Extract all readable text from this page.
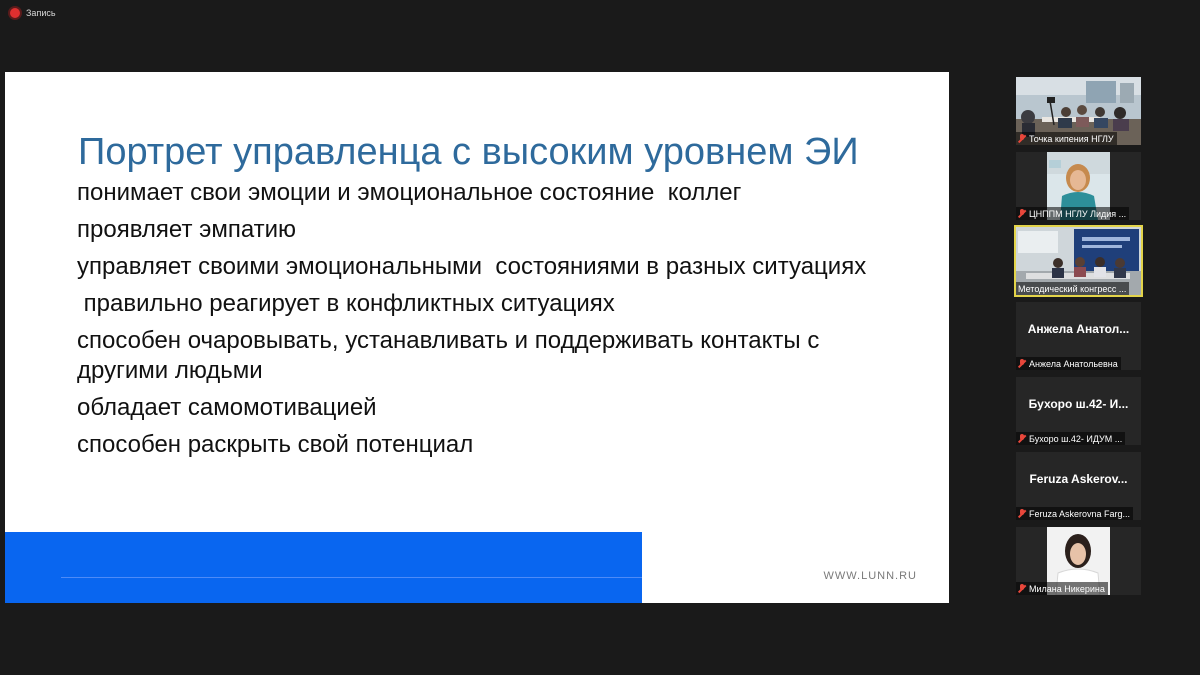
Запись
Портрет управленца с высоким уровнем ЭИ

понимает свои эмоции и эмоциональное состояние  коллег

проявляет эмпатию

управляет своими эмоциональными  состояниями в разных ситуациях

правильно реагирует в конфликтных ситуациях

способен очаровывать, устанавливать и поддерживать контакты с другими людьми

обладает самомотивацией

способен раскрыть свой потенциал

WWW.LUNN.RU
Точка кипения НГЛУ
ЦНППМ НГЛУ Лидия ...
Методический конгресс ...
Анжела Анатол...
Анжела Анатольевна
Бухоро ш.42- И...
Бухоро ш.42- ИДУМ ...
Feruza Askerov...
Feruza Askerovna Farg...
Милана Никерина
